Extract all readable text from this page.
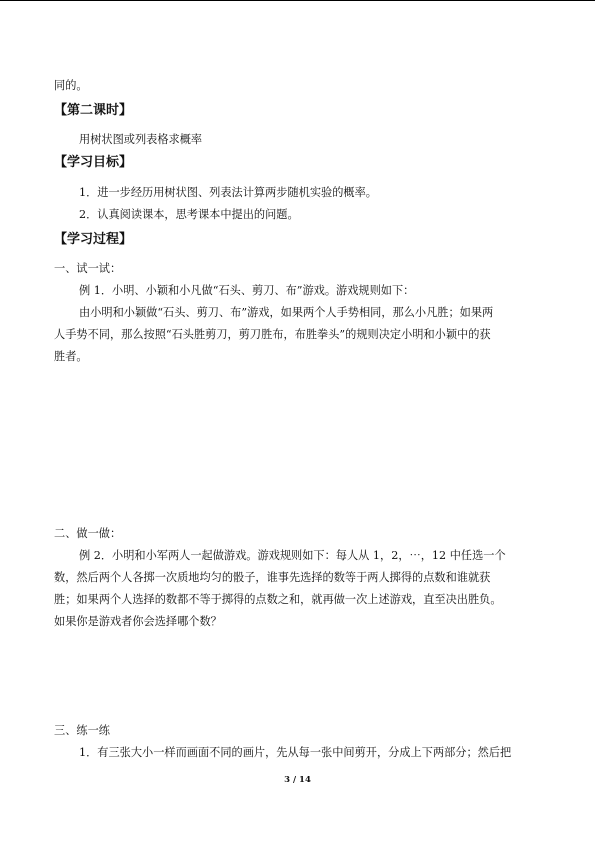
同的。
【第二课时】
用树状图或列表格求概率
【学习目标】
1．进一步经历用树状图、列表法计算两步随机实验的概率。
2．认真阅读课本，思考课本中提出的问题。
【学习过程】
一、试一试：
例 1．小明、小颖和小凡做“石头、剪刀、布”游戏。游戏规则如下：
由小明和小颖做“石头、剪刀、布”游戏，如果两个人手势相同，那么小凡胜；如果两
人手势不同，那么按照“石头胜剪刀，剪刀胜布，布胜拳头”的规则决定小明和小颖中的获
胜者。
二、做一做：
例 2．小明和小军两人一起做游戏。游戏规则如下：每人从 1，2，⋯，12 中任选一个
数，然后两个人各掷一次质地均匀的骰子，谁事先选择的数等于两人掷得的点数和谁就获
胜；如果两个人选择的数都不等于掷得的点数之和，就再做一次上述游戏，直至决出胜负。
如果你是游戏者你会选择哪个数？
三、练一练
1．有三张大小一样而画面不同的画片，先从每一张中间剪开，分成上下两部分；然后把
3 / 14
